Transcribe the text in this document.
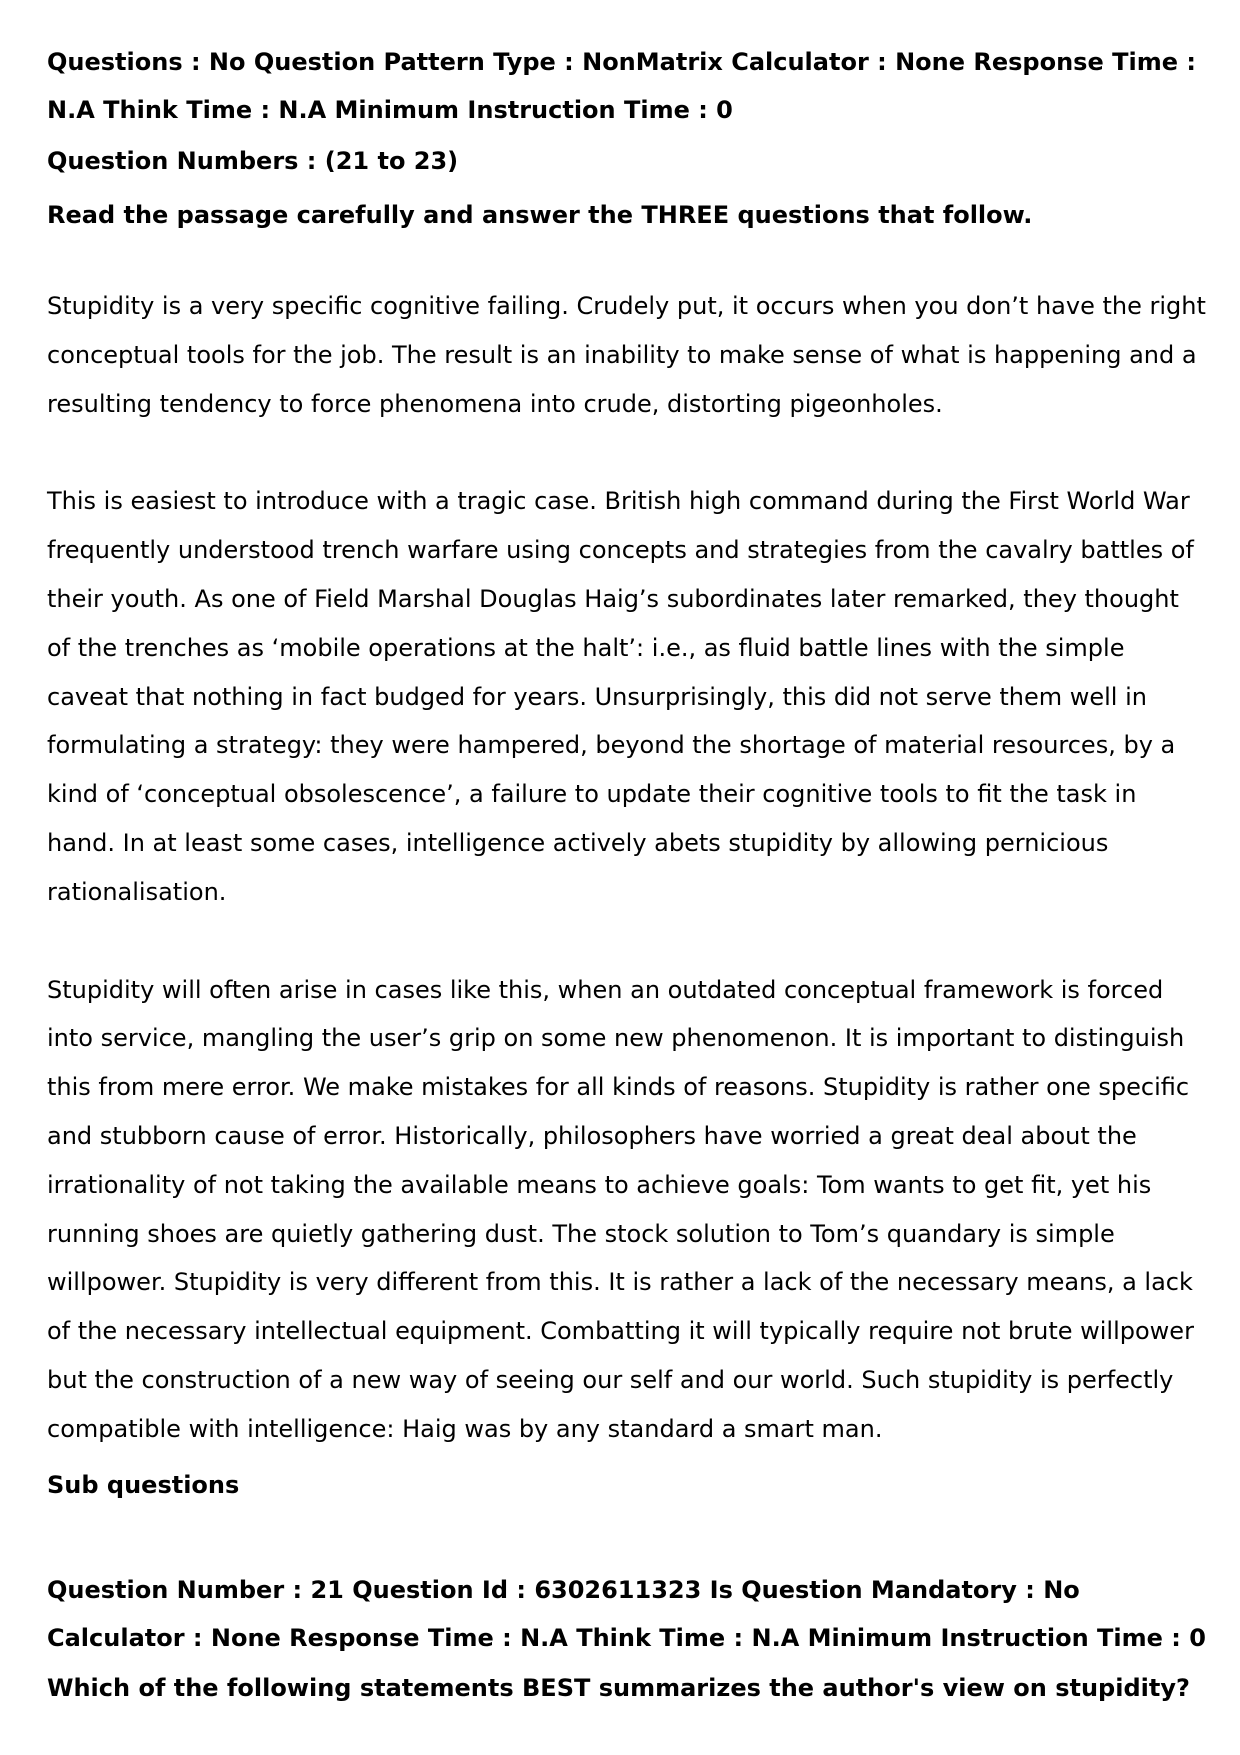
Questions : No Question Pattern Type : NonMatrix Calculator : None Response Time : N.A Think Time : N.A Minimum Instruction Time : 0

Question Numbers : (21 to 23)

Read the passage carefully and answer the THREE questions that follow.

Stupidity is a very specific cognitive failing. Crudely put, it occurs when you don’t have the right conceptual tools for the job. The result is an inability to make sense of what is happening and a resulting tendency to force phenomena into crude, distorting pigeonholes.

This is easiest to introduce with a tragic case. British high command during the First World War frequently understood trench warfare using concepts and strategies from the cavalry battles of their youth. As one of Field Marshal Douglas Haig’s subordinates later remarked, they thought of the trenches as ‘mobile operations at the halt’: i.e., as fluid battle lines with the simple caveat that nothing in fact budged for years. Unsurprisingly, this did not serve them well in formulating a strategy: they were hampered, beyond the shortage of material resources, by a kind of ‘conceptual obsolescence’, a failure to update their cognitive tools to fit the task in hand. In at least some cases, intelligence actively abets stupidity by allowing pernicious rationalisation.

Stupidity will often arise in cases like this, when an outdated conceptual framework is forced into service, mangling the user’s grip on some new phenomenon. It is important to distinguish this from mere error. We make mistakes for all kinds of reasons. Stupidity is rather one specific and stubborn cause of error. Historically, philosophers have worried a great deal about the irrationality of not taking the available means to achieve goals: Tom wants to get fit, yet his running shoes are quietly gathering dust. The stock solution to Tom’s quandary is simple willpower. Stupidity is very different from this. It is rather a lack of the necessary means, a lack of the necessary intellectual equipment. Combatting it will typically require not brute willpower but the construction of a new way of seeing our self and our world. Such stupidity is perfectly compatible with intelligence: Haig was by any standard a smart man.

Sub questions

Question Number : 21 Question Id : 6302611323 Is Question Mandatory : No Calculator : None Response Time : N.A Think Time : N.A Minimum Instruction Time : 0

Which of the following statements BEST summarizes the author's view on stupidity?
